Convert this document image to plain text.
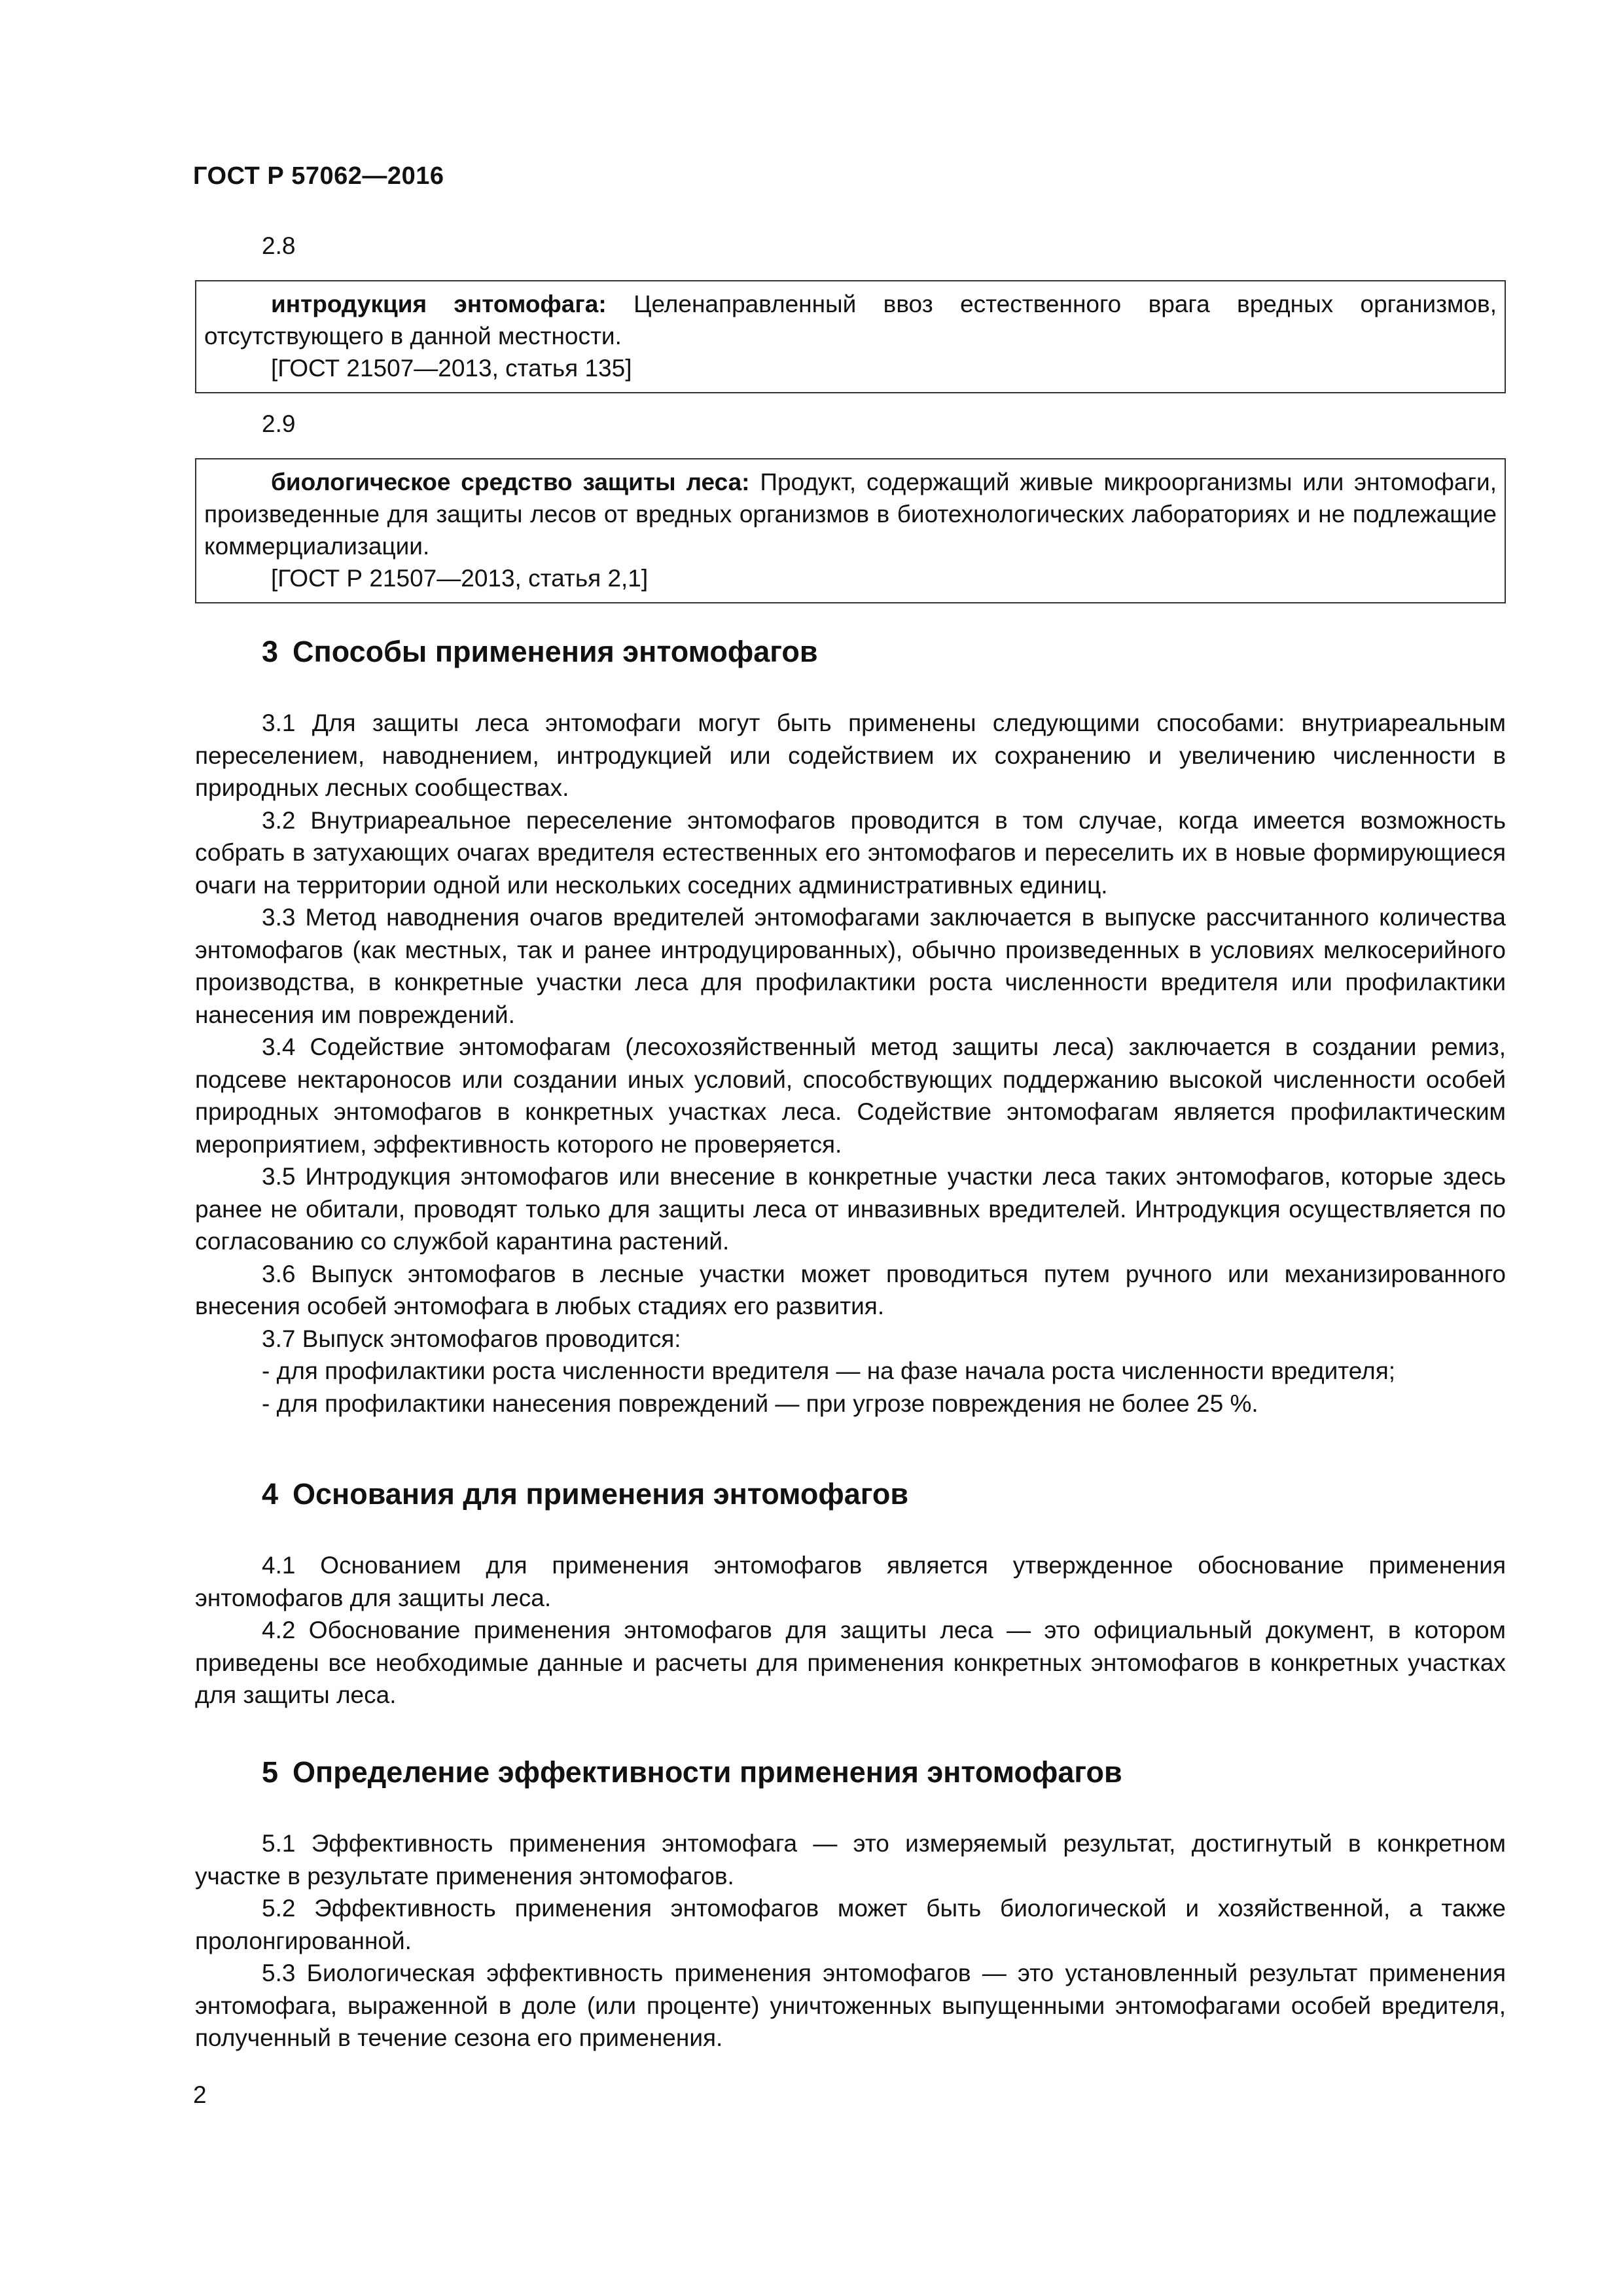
ГОСТ Р 57062—2016
2.8
интродукция энтомофага: Целенаправленный ввоз естественного врага вредных организмов, отсутствующего в данной местности.
[ГОСТ 21507—2013, статья 135]
2.9
биологическое средство защиты леса: Продукт, содержащий живые микроорганизмы или энтомофаги, произведенные для защиты лесов от вредных организмов в биотехнологических лабораториях и не подлежащие коммерциализации.
[ГОСТ Р 21507—2013, статья 2,1]
3 Способы применения энтомофагов

3.1 Для защиты леса энтомофаги могут быть применены следующими способами: внутриареальным переселением, наводнением, интродукцией или содействием их сохранению и увеличению численности в природных лесных сообществах.

3.2 Внутриареальное переселение энтомофагов проводится в том случае, когда имеется возможность собрать в затухающих очагах вредителя естественных его энтомофагов и переселить их в новые формирующиеся очаги на территории одной или нескольких соседних административных единиц.

3.3 Метод наводнения очагов вредителей энтомофагами заключается в выпуске рассчитанного количества энтомофагов (как местных, так и ранее интродуцированных), обычно произведенных в условиях мелкосерийного производства, в конкретные участки леса для профилактики роста численности вредителя или профилактики нанесения им повреждений.

3.4 Содействие энтомофагам (лесохозяйственный метод защиты леса) заключается в создании ремиз, подсеве нектароносов или создании иных условий, способствующих поддержанию высокой численности особей природных энтомофагов в конкретных участках леса. Содействие энтомофагам является профилактическим мероприятием, эффективность которого не проверяется.

3.5 Интродукция энтомофагов или внесение в конкретные участки леса таких энтомофагов, которые здесь ранее не обитали, проводят только для защиты леса от инвазивных вредителей. Интродукция осуществляется по согласованию со службой карантина растений.

3.6 Выпуск энтомофагов в лесные участки может проводиться путем ручного или механизированного внесения особей энтомофага в любых стадиях его развития.

3.7 Выпуск энтомофагов проводится:

- для профилактики роста численности вредителя — на фазе начала роста численности вредителя;

- для профилактики нанесения повреждений — при угрозе повреждения не более 25 %.

4 Основания для применения энтомофагов

4.1 Основанием для применения энтомофагов является утвержденное обоснование применения энтомофагов для защиты леса.

4.2 Обоснование применения энтомофагов для защиты леса — это официальный документ, в котором приведены все необходимые данные и расчеты для применения конкретных энтомофагов в конкретных участках для защиты леса.

5 Определение эффективности применения энтомофагов

5.1 Эффективность применения энтомофага — это измеряемый результат, достигнутый в конкретном участке в результате применения энтомофагов.

5.2 Эффективность применения энтомофагов может быть биологической и хозяйственной, а также пролонгированной.

5.3 Биологическая эффективность применения энтомофагов — это установленный результат применения энтомофага, выраженной в доле (или проценте) уничтоженных выпущенными энтомофагами особей вредителя, полученный в течение сезона его применения.

2
